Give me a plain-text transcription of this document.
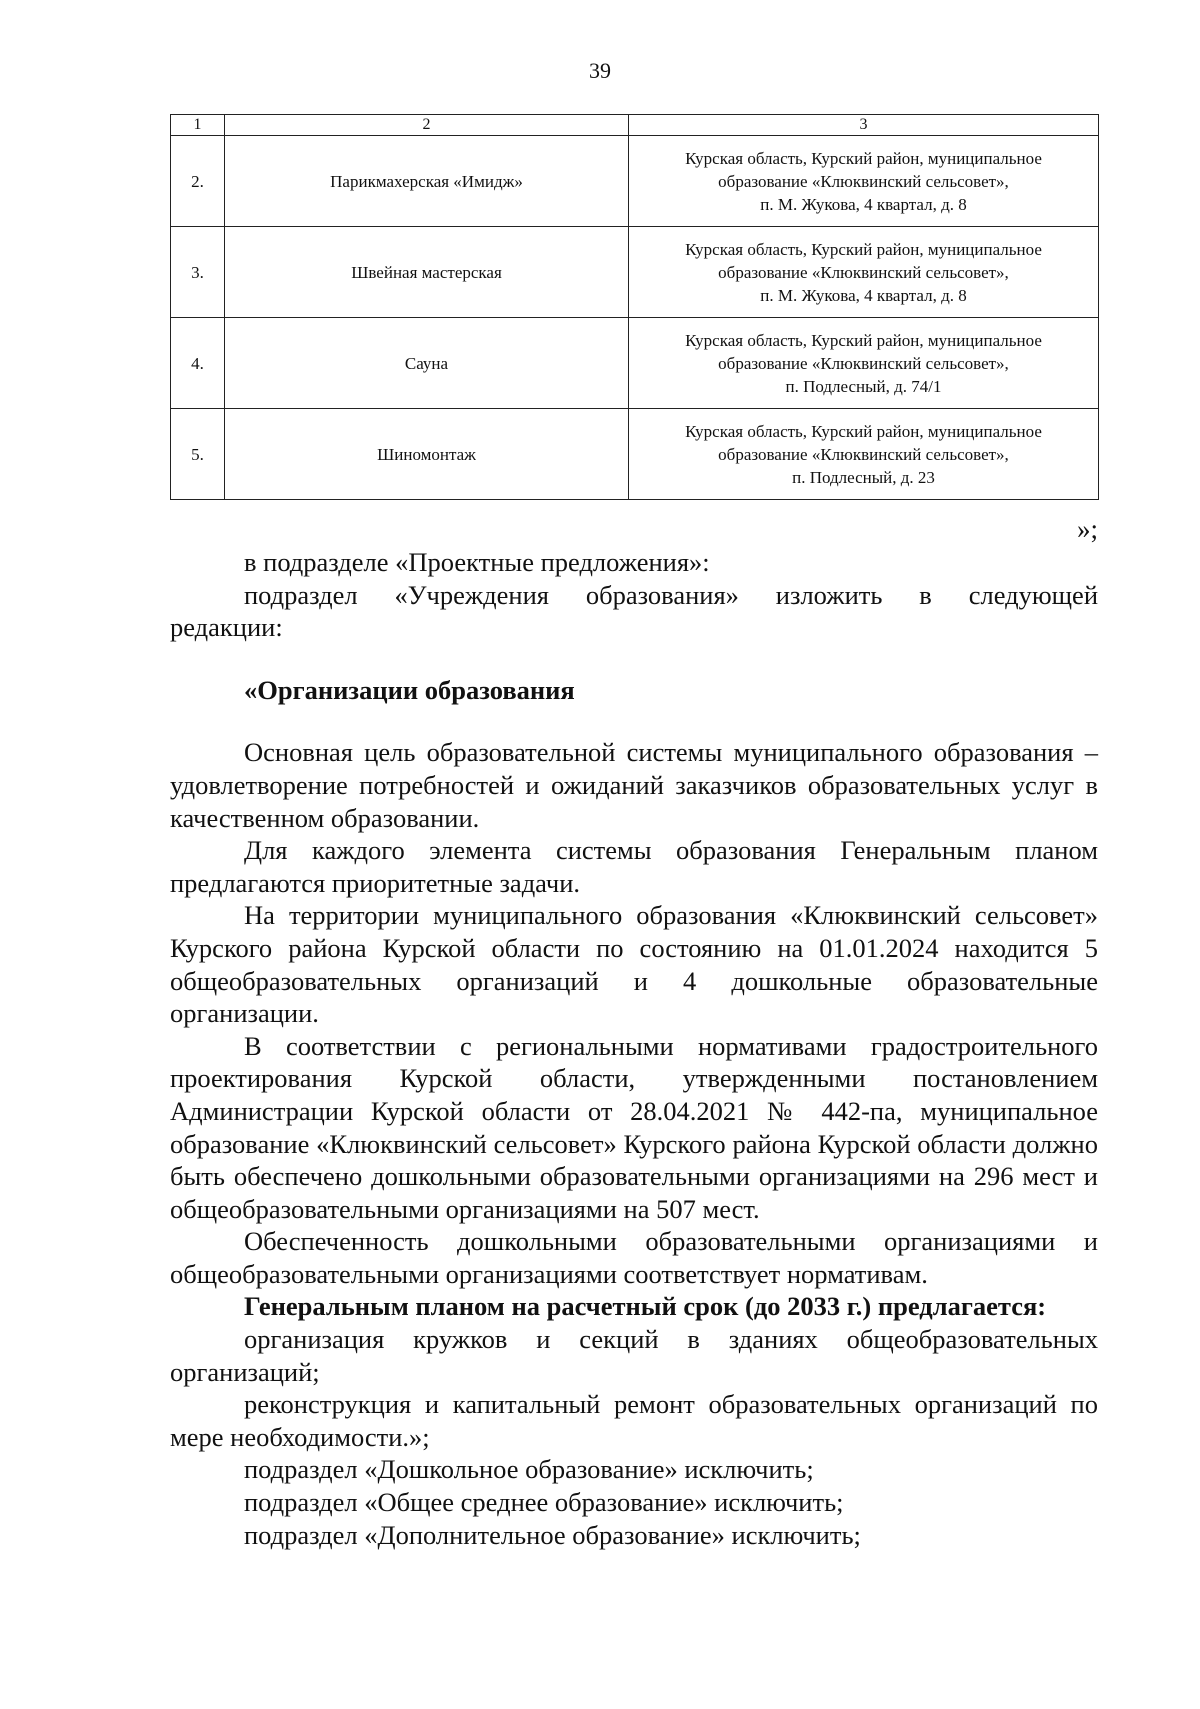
39
1	2	3
2.	Парикмахерская «Имидж»	Курская область, Курский район, муниципальное
образование «Клюквинский сельсовет»,
п. М. Жукова, 4 квартал, д. 8

3.	Швейная мастерская	Курская область, Курский район, муниципальное
образование «Клюквинский сельсовет»,
п. М. Жукова, 4 квартал, д. 8

4.	Сауна	Курская область, Курский район, муниципальное
образование «Клюквинский сельсовет»,
п. Подлесный, д. 74/1

5.	Шиномонтаж	Курская область, Курский район, муниципальное
образование «Клюквинский сельсовет»,
п. Подлесный, д. 23
»;

в подразделе «Проектные предложения»:

подраздел «Учреждения образования» изложить в следующей

редакции:

«Организации образования

Основная цель образовательной системы муниципального образования – удовлетворение потребностей и ожиданий заказчиков образовательных услуг в качественном образовании.

Для каждого элемента системы образования Генеральным планом предлагаются приоритетные задачи.

На территории муниципального образования «Клюквинский сельсовет» Курского района Курской области по состоянию на 01.01.2024 находится 5 общеобразовательных организаций и 4 дошкольные образовательные организации.

В соответствии с региональными нормативами градостроительного проектирования Курской области, утвержденными постановлением Администрации Курской области от 28.04.2021 № 442-па, муниципальное образование «Клюквинский сельсовет» Курского района Курской области должно быть обеспечено дошкольными образовательными организациями на 296 мест и общеобразовательными организациями на 507 мест.

Обеспеченность дошкольными образовательными организациями и общеобразовательными организациями соответствует нормативам.

Генеральным планом на расчетный срок (до 2033 г.) предлагается:

организация кружков и секций в зданиях общеобразовательных организаций;

реконструкция и капитальный ремонт образовательных организаций по мере необходимости.»;

подраздел «Дошкольное образование» исключить;

подраздел «Общее среднее образование» исключить;

подраздел «Дополнительное образование» исключить;
